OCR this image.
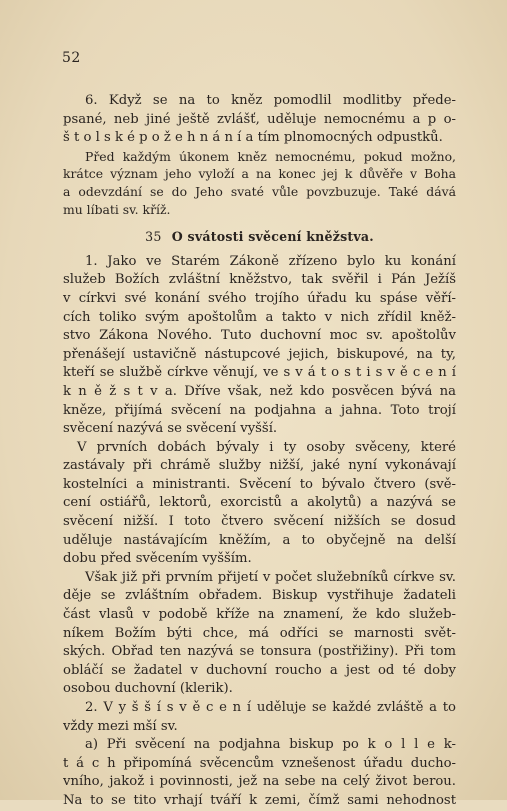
52
6. Když se na to kněz pomodlil modlitby předе-
psané, neb jiné ještě zvlášť, uděluje nemocnému a p o-
š t o l s k é p o ž e h n á n í a tím plnomocných odpustků.
Před každým úkonem kněz nemocnému, pokud možno,
krátce význam jeho vyloží a na konec jej k důvěře v Boha
a odevzdání se do Jeho svaté vůle povzbuzuje. Také dává
mu líbati sv. kříž.
35 O svátosti svěcení kněžstva.
1. Jako ve Starém Zákoně zřízeno bylo ku konání
služeb Božích zvláštní kněžstvo, tak svěřil i Pán Ježíš
v církvi své konání svého trojího úřadu ku spáse věří-
cích toliko svým apoštolům a takto v nich zřídil kněž-
stvo Zákona Nového. Tuto duchovní moc sv. apoštolův
přenášejí ustavičně nástupcové jejich, biskupové, na ty,
kteří se službě církve věnují, ve s v á t o s t i s v ě c e n í
k n ě ž s t v a. Dříve však, než kdo posvěcen bývá na
kněze, přijímá svěcení na podjahna a jahna. Toto trojí
svěcení nazývá se svěcení vyšší.
V prvních dobách bývaly i ty osoby svěceny, které
zastávaly při chrámě služby nižší, jaké nyní vykonávají
kostelníci a ministranti. Svěcení to bývalo čtvero (svě-
cení ostiářů, lektorů, exorcistů a akolytů) a nazývá se
svěcení nižší. I toto čtvero svěcení nižších se dosud
uděluje nastávajícím kněžím, a to obyčejně na delší
dobu před svěcením vyšším.
Však již při prvním přijetí v počet služebníků církve sv.
děje se zvláštním obřadem. Biskup vystřihuje žadateli
část vlasů v podobě kříže na znamení, že kdo služeb-
níkem Božím býti chce, má odříci se marnosti svět-
ských. Obřad ten nazývá se tonsura (postřižiny). Při tom
obláčí se žadatel v duchovní roucho a jest od té doby
osobou duchovní (klerik).
2. V y š š í s v ě c e n í uděluje se každé zvláště a to
vždy mezi mší sv.
a) Při svěcení na podjahna biskup po k o l l e k-
t á c h připomíná svěcencům vznešenost úřadu ducho-
vního, jakož i povinnosti, jež na sebe na celý život berou.
Na to se tito vrhají tváří k zemi, čímž sami nehodnost
